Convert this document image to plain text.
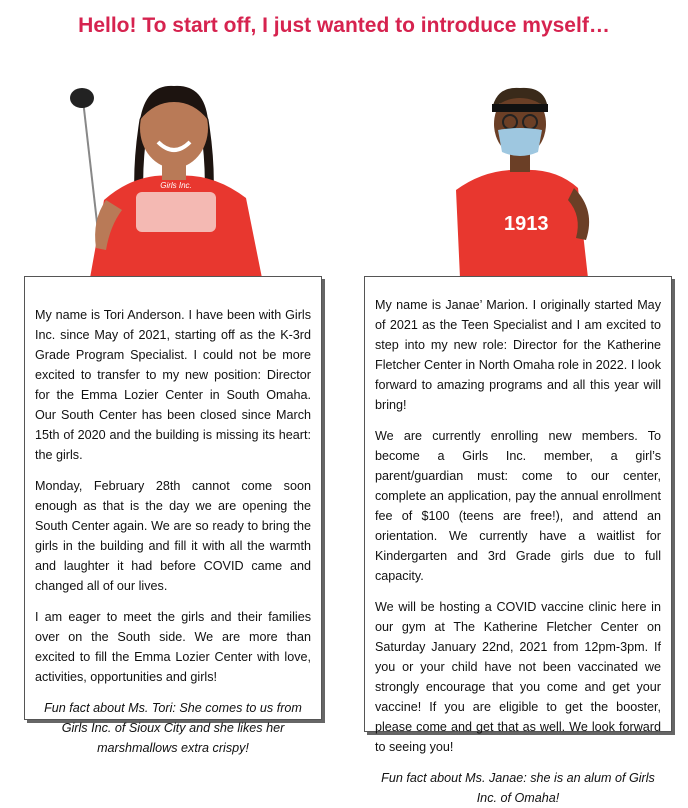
Hello! To start off, I just wanted to introduce myself…
Girls Inc.
1913

My name is Tori Anderson. I have been with Girls Inc. since May of 2021, starting off as the K-3rd Grade Program Specialist. I could not be more excited to transfer to my new position: Director for the Emma Lozier Center in South Omaha. Our South Center has been closed since March 15th of 2020 and the building is missing its heart: the girls.

Monday, February 28th cannot come soon enough as that is the day we are opening the South Center again. We are so ready to bring the girls in the building and fill it with all the warmth and laughter it had before COVID came and changed all of our lives.

I am eager to meet the girls and their families over on the South side. We are more than excited to fill the Emma Lozier Center with love, activities, opportunities and girls!

Fun fact about Ms. Tori: She comes to us from Girls Inc. of Sioux City and she likes her marshmallows extra crispy!

My name is Janae’ Marion. I originally started May of 2021 as the Teen Specialist and I am excited to step into my new role: Director for the Katherine Fletcher Center in North Omaha role in 2022. I look forward to amazing programs and all this year will bring!

We are currently enrolling new members. To become a Girls Inc. member, a girl’s parent/guardian must: come to our center, complete an application, pay the annual enrollment fee of $100 (teens are free!), and attend an orientation. We currently have a waitlist for Kindergarten and 3rd Grade girls due to full capacity.

We will be hosting a COVID vaccine clinic here in our gym at The Katherine Fletcher Center on Saturday January 22nd, 2021 from 12pm-3pm. If you or your child have not been vaccinated we strongly encourage that you come and get your vaccine! If you are eligible to get the booster, please come and get that as well. We look forward to seeing you!

Fun fact about Ms. Janae: she is an alum of Girls Inc. of Omaha!
